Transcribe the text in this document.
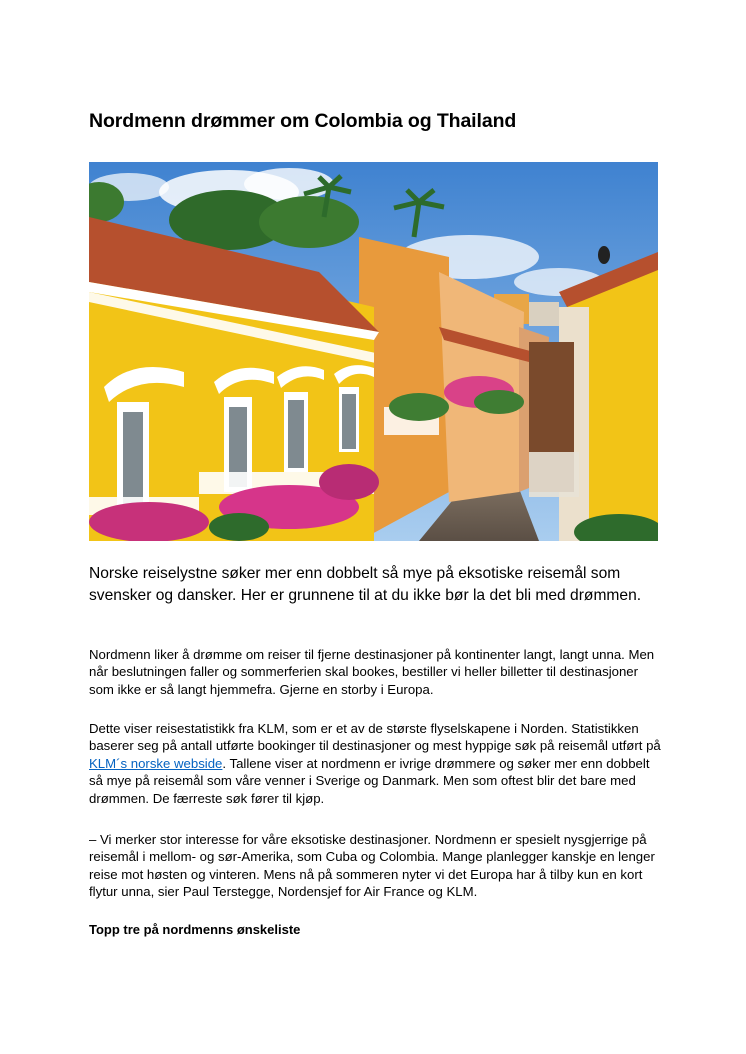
Nordmenn drømmer om Colombia og Thailand

Norske reiselystne søker mer enn dobbelt så mye på eksotiske reisemål som svensker og dansker. Her er grunnene til at du ikke bør la det bli med drømmen.

Nordmenn liker å drømme om reiser til fjerne destinasjoner på kontinenter langt, langt unna. Men når beslutningen faller og sommerferien skal bookes, bestiller vi heller billetter til destinasjoner som ikke er så langt hjemmefra. Gjerne en storby i Europa.

Dette viser reisestatistikk fra KLM, som er et av de største flyselskapene i Norden. Statistikken baserer seg på antall utførte bookinger til destinasjoner og mest hyppige søk på reisemål utført på KLM´s norske webside. Tallene viser at nordmenn er ivrige drømmere og søker mer enn dobbelt så mye på reisemål som våre venner i Sverige og Danmark. Men som oftest blir det bare med drømmen. De færreste søk fører til kjøp.

– Vi merker stor interesse for våre eksotiske destinasjoner. Nordmenn er spesielt nysgjerrige på reisemål i mellom- og sør-Amerika, som Cuba og Colombia. Mange planlegger kanskje en lenger reise mot høsten og vinteren. Mens nå på sommeren nyter vi det Europa har å tilby kun en kort flytur unna, sier Paul Terstegge, Nordensjef for Air France og KLM.

Topp tre på nordmenns ønskeliste
